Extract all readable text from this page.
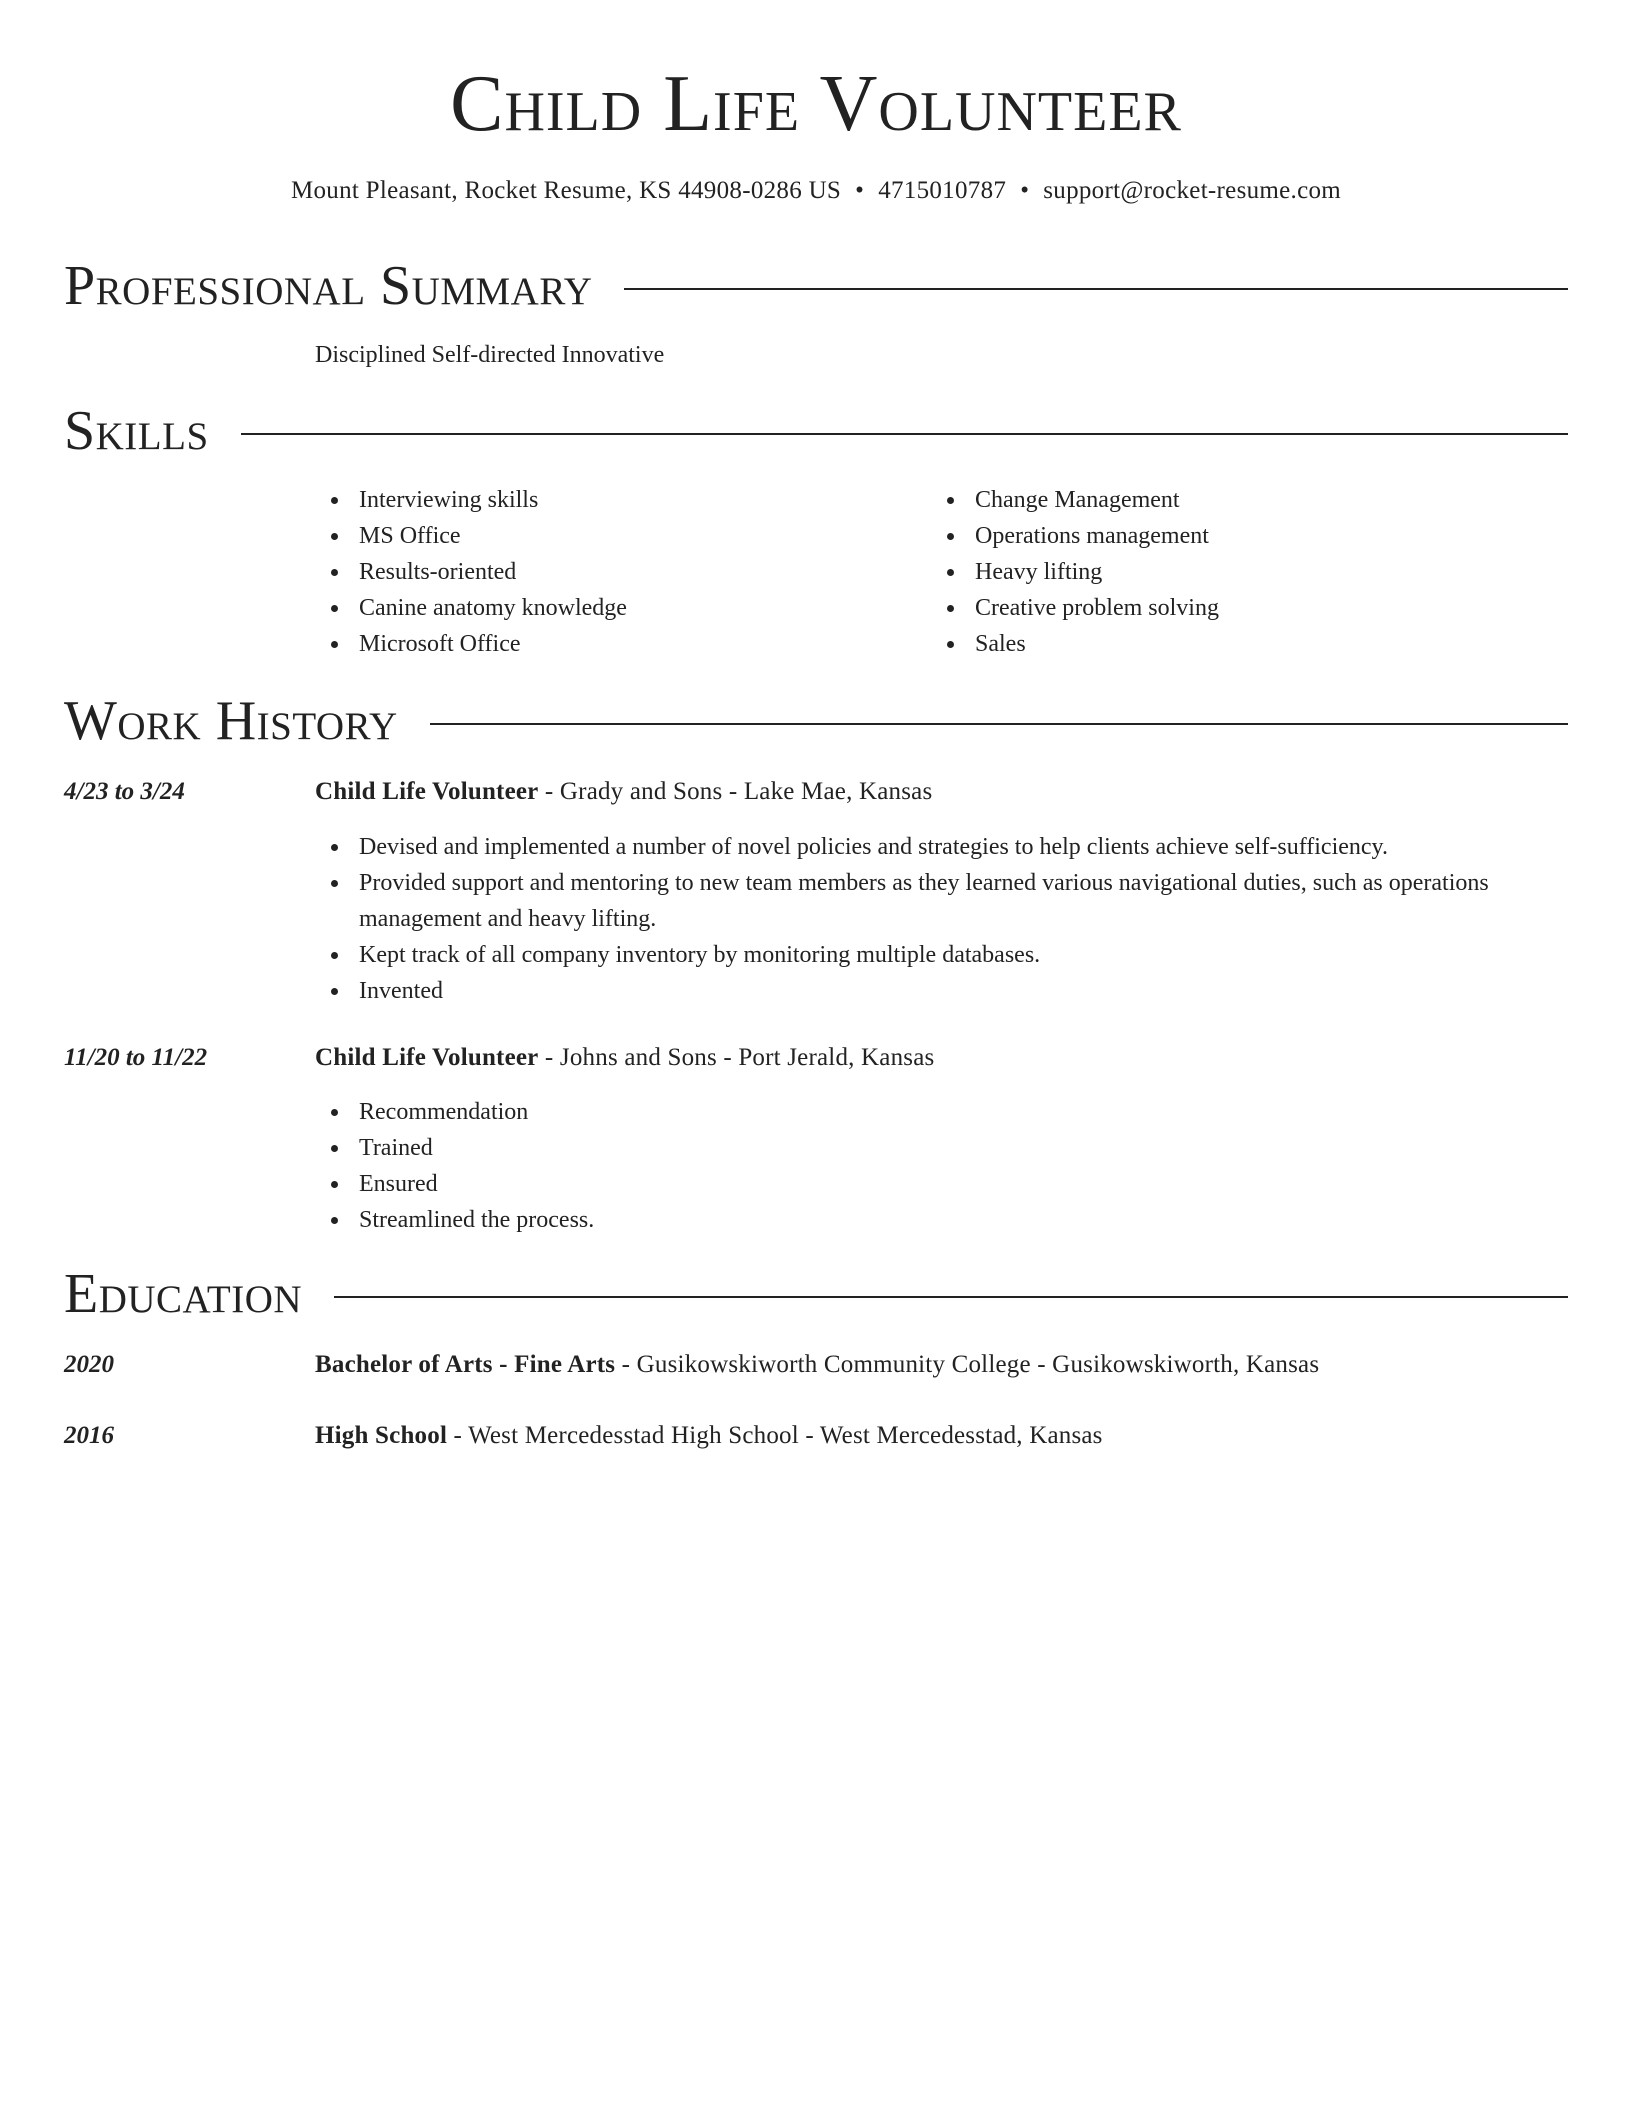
Child Life Volunteer
Mount Pleasant, Rocket Resume, KS 44908-0286 US • 4715010787 • support@rocket-resume.com
Professional Summary
Disciplined Self-directed Innovative
Skills
Interviewing skills
MS Office
Results-oriented
Canine anatomy knowledge
Microsoft Office
Change Management
Operations management
Heavy lifting
Creative problem solving
Sales
Work History
4/23 to 3/24	Child Life Volunteer - Grady and Sons - Lake Mae, Kansas
Devised and implemented a number of novel policies and strategies to help clients achieve self-sufficiency.
Provided support and mentoring to new team members as they learned various navigational duties, such as operations management and heavy lifting.
Kept track of all company inventory by monitoring multiple databases.
Invented
11/20 to 11/22	Child Life Volunteer - Johns and Sons - Port Jerald, Kansas
Recommendation
Trained
Ensured
Streamlined the process.
Education
2020	Bachelor of Arts - Fine Arts - Gusikowskiworth Community College - Gusikowskiworth, Kansas
2016	High School - West Mercedesstad High School - West Mercedesstad, Kansas
